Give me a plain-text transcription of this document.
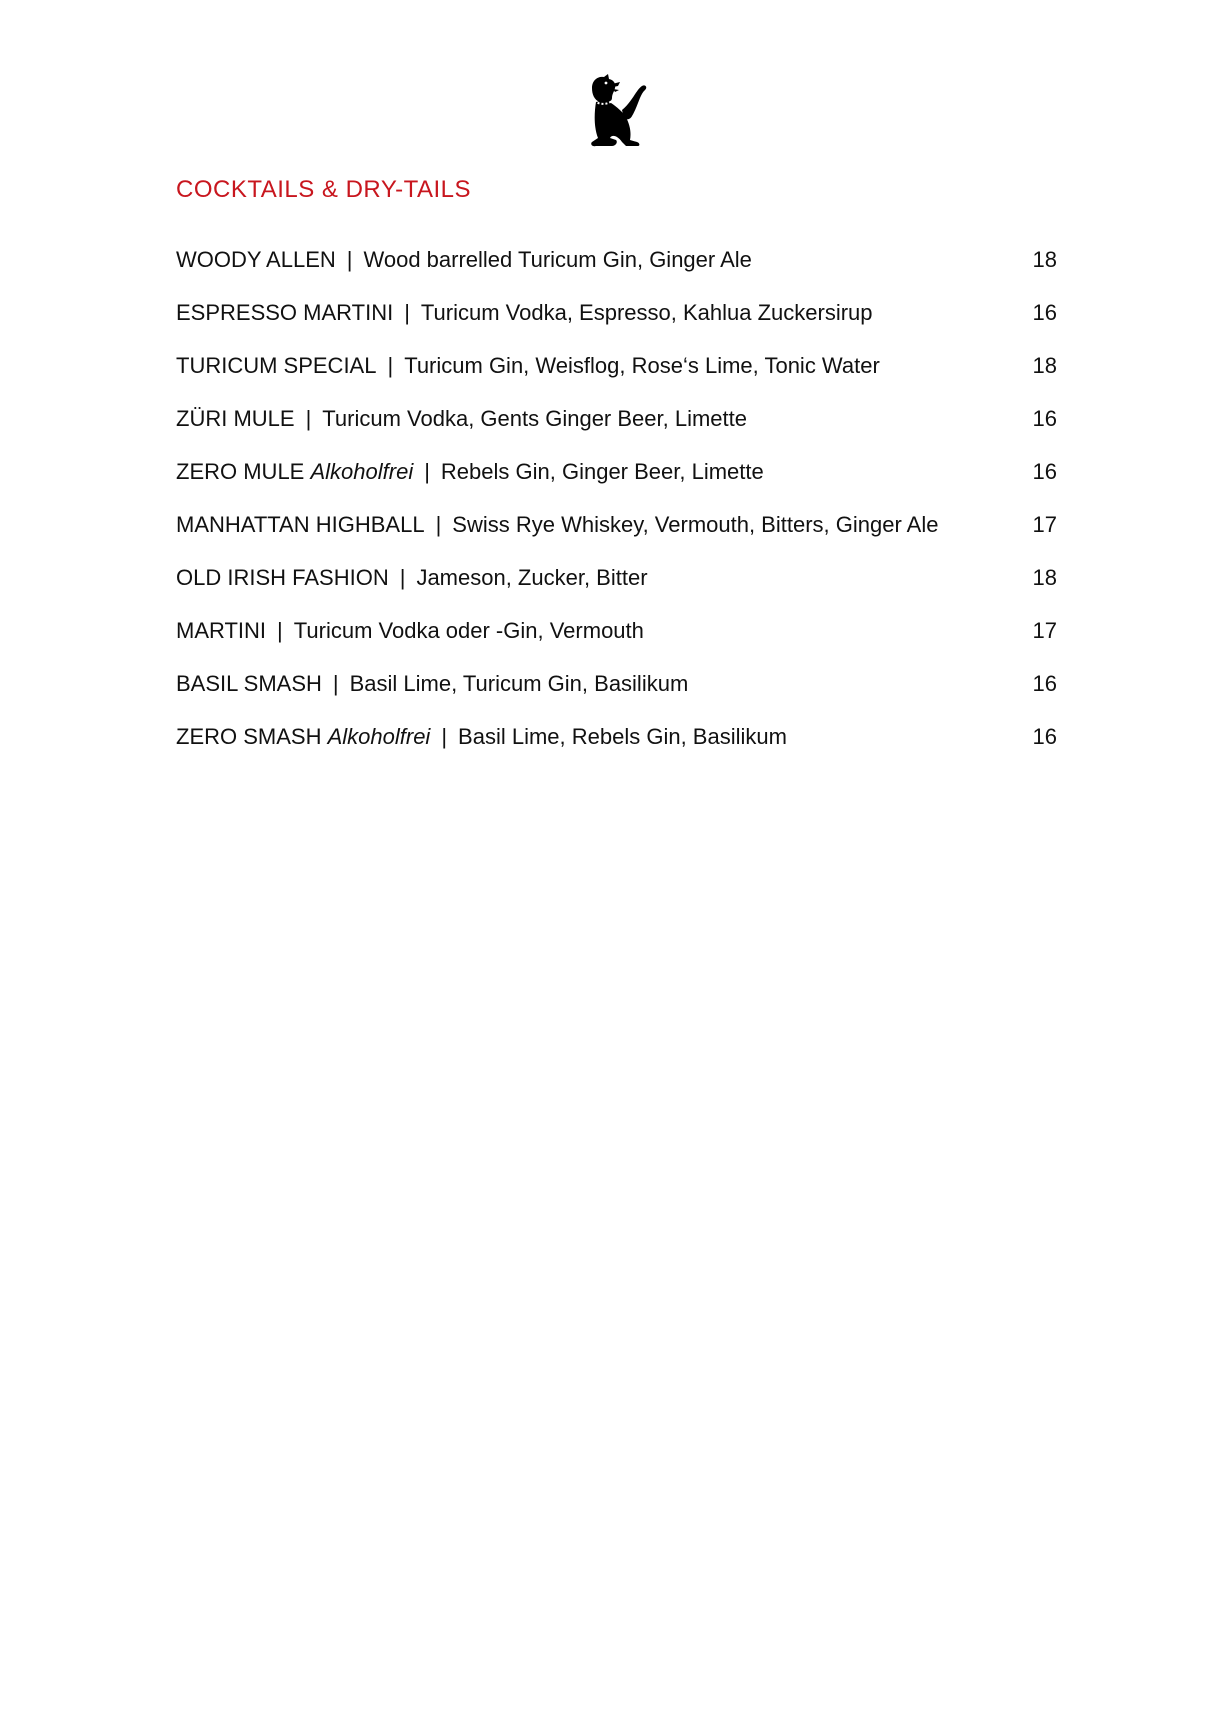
COCKTAILS & DRY-TAILS
WOODY ALLEN | Wood barrelled Turicum Gin, Ginger Ale	18
ESPRESSO MARTINI | Turicum Vodka, Espresso, Kahlua Zuckersirup	16
TURICUM SPECIAL | Turicum Gin, Weisflog, Rose‘s Lime, Tonic Water	18
ZÜRI MULE | Turicum Vodka, Gents Ginger Beer, Limette	16
ZERO MULE Alkoholfrei | Rebels Gin, Ginger Beer, Limette	16
MANHATTAN HIGHBALL | Swiss Rye Whiskey, Vermouth, Bitters, Ginger Ale	17
OLD IRISH FASHION | Jameson, Zucker, Bitter	18
MARTINI | Turicum Vodka oder -Gin, Vermouth	17
BASIL SMASH | Basil Lime, Turicum Gin, Basilikum	16
ZERO SMASH Alkoholfrei | Basil Lime, Rebels Gin, Basilikum	16
